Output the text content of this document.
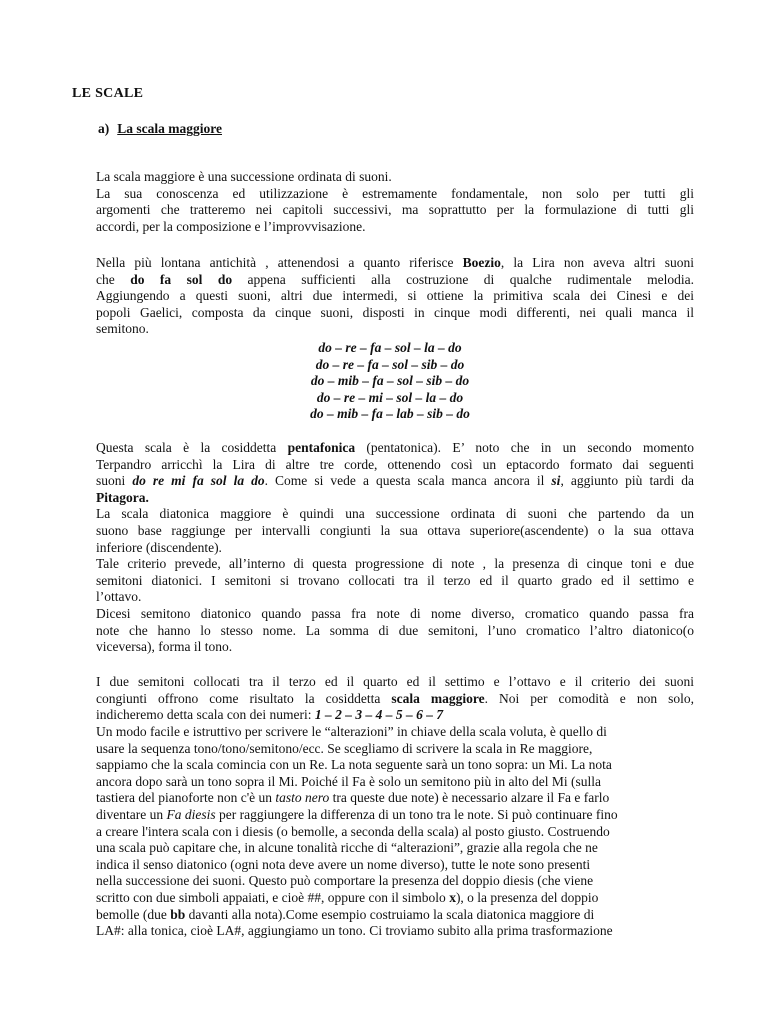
LE SCALE
a) La scala maggiore

La scala maggiore è una successione ordinata di suoni.

La sua conoscenza ed utilizzazione è estremamente fondamentale, non solo per tutti gli

argomenti che tratteremo nei capitoli successivi, ma soprattutto per la formulazione di tutti gli

accordi, per la composizione e l’improvvisazione.

Nella più lontana antichità , attenendosi a quanto riferisce Boezio, la Lira non aveva altri suoni

che do fa sol do appena sufficienti alla costruzione di qualche rudimentale melodia.

Aggiungendo a questi suoni, altri due intermedi, si ottiene la primitiva scala dei Cinesi e dei

popoli Gaelici, composta da cinque suoni, disposti in cinque modi differenti, nei quali manca il

semitono.

do – re – fa – sol – la – do
do – re – fa – sol – sib – do
do – mib – fa – sol – sib – do
do – re – mi – sol – la – do
do – mib – fa – lab – sib – do

Questa scala è la cosiddetta pentafonica (pentatonica). E’ noto che in un secondo momento

Terpandro arricchì la Lira di altre tre corde, ottenendo così un eptacordo formato dai seguenti

suoni do re mi fa sol la do. Come si vede a questa scala manca ancora il si, aggiunto più tardi da

Pitagora.

La scala diatonica maggiore è quindi una successione ordinata di suoni che partendo da un

suono base raggiunge per intervalli congiunti la sua ottava superiore(ascendente) o la sua ottava

inferiore (discendente).

Tale criterio prevede, all’interno di questa progressione di note , la presenza di cinque toni e due

semitoni diatonici. I semitoni si trovano collocati tra il terzo ed il quarto grado ed il settimo e

l’ottavo.

Dicesi semitono diatonico quando passa fra note di nome diverso, cromatico quando passa fra

note che hanno lo stesso nome. La somma di due semitoni, l’uno cromatico l’altro diatonico(o

viceversa), forma il tono.

I due semitoni collocati tra il terzo ed il quarto ed il settimo e l’ottavo e il criterio dei suoni

congiunti offrono come risultato la cosiddetta scala maggiore. Noi per comodità e non solo,

indicheremo detta scala con dei numeri: 1 – 2 – 3 – 4 – 5 – 6 – 7

Un modo facile e istruttivo per scrivere le “alterazioni” in chiave della scala voluta, è quello di

usare la sequenza tono/tono/semitono/ecc. Se scegliamo di scrivere la scala in Re maggiore,

sappiamo che la scala comincia con un Re. La nota seguente sarà un tono sopra: un Mi. La nota

ancora dopo sarà un tono sopra il Mi. Poiché il Fa è solo un semitono più in alto del Mi (sulla

tastiera del pianoforte non c'è un tasto nero tra queste due note) è necessario alzare il Fa e farlo

diventare un Fa diesis per raggiungere la differenza di un tono tra le note. Si può continuare fino

a creare l'intera scala con i diesis (o bemolle, a seconda della scala) al posto giusto. Costruendo

una scala può capitare che, in alcune tonalità ricche di “alterazioni”, grazie alla regola che ne

indica il senso diatonico (ogni nota deve avere un nome diverso), tutte le note sono presenti

nella successione dei suoni. Questo può comportare la presenza del doppio diesis (che viene

scritto con due simboli appaiati, e cioè ##, oppure con il simbolo x), o la presenza del doppio

bemolle (due bb davanti alla nota).Come esempio costruiamo la scala diatonica maggiore di

LA#: alla tonica, cioè LA#, aggiungiamo un tono. Ci troviamo subito alla prima trasformazione
